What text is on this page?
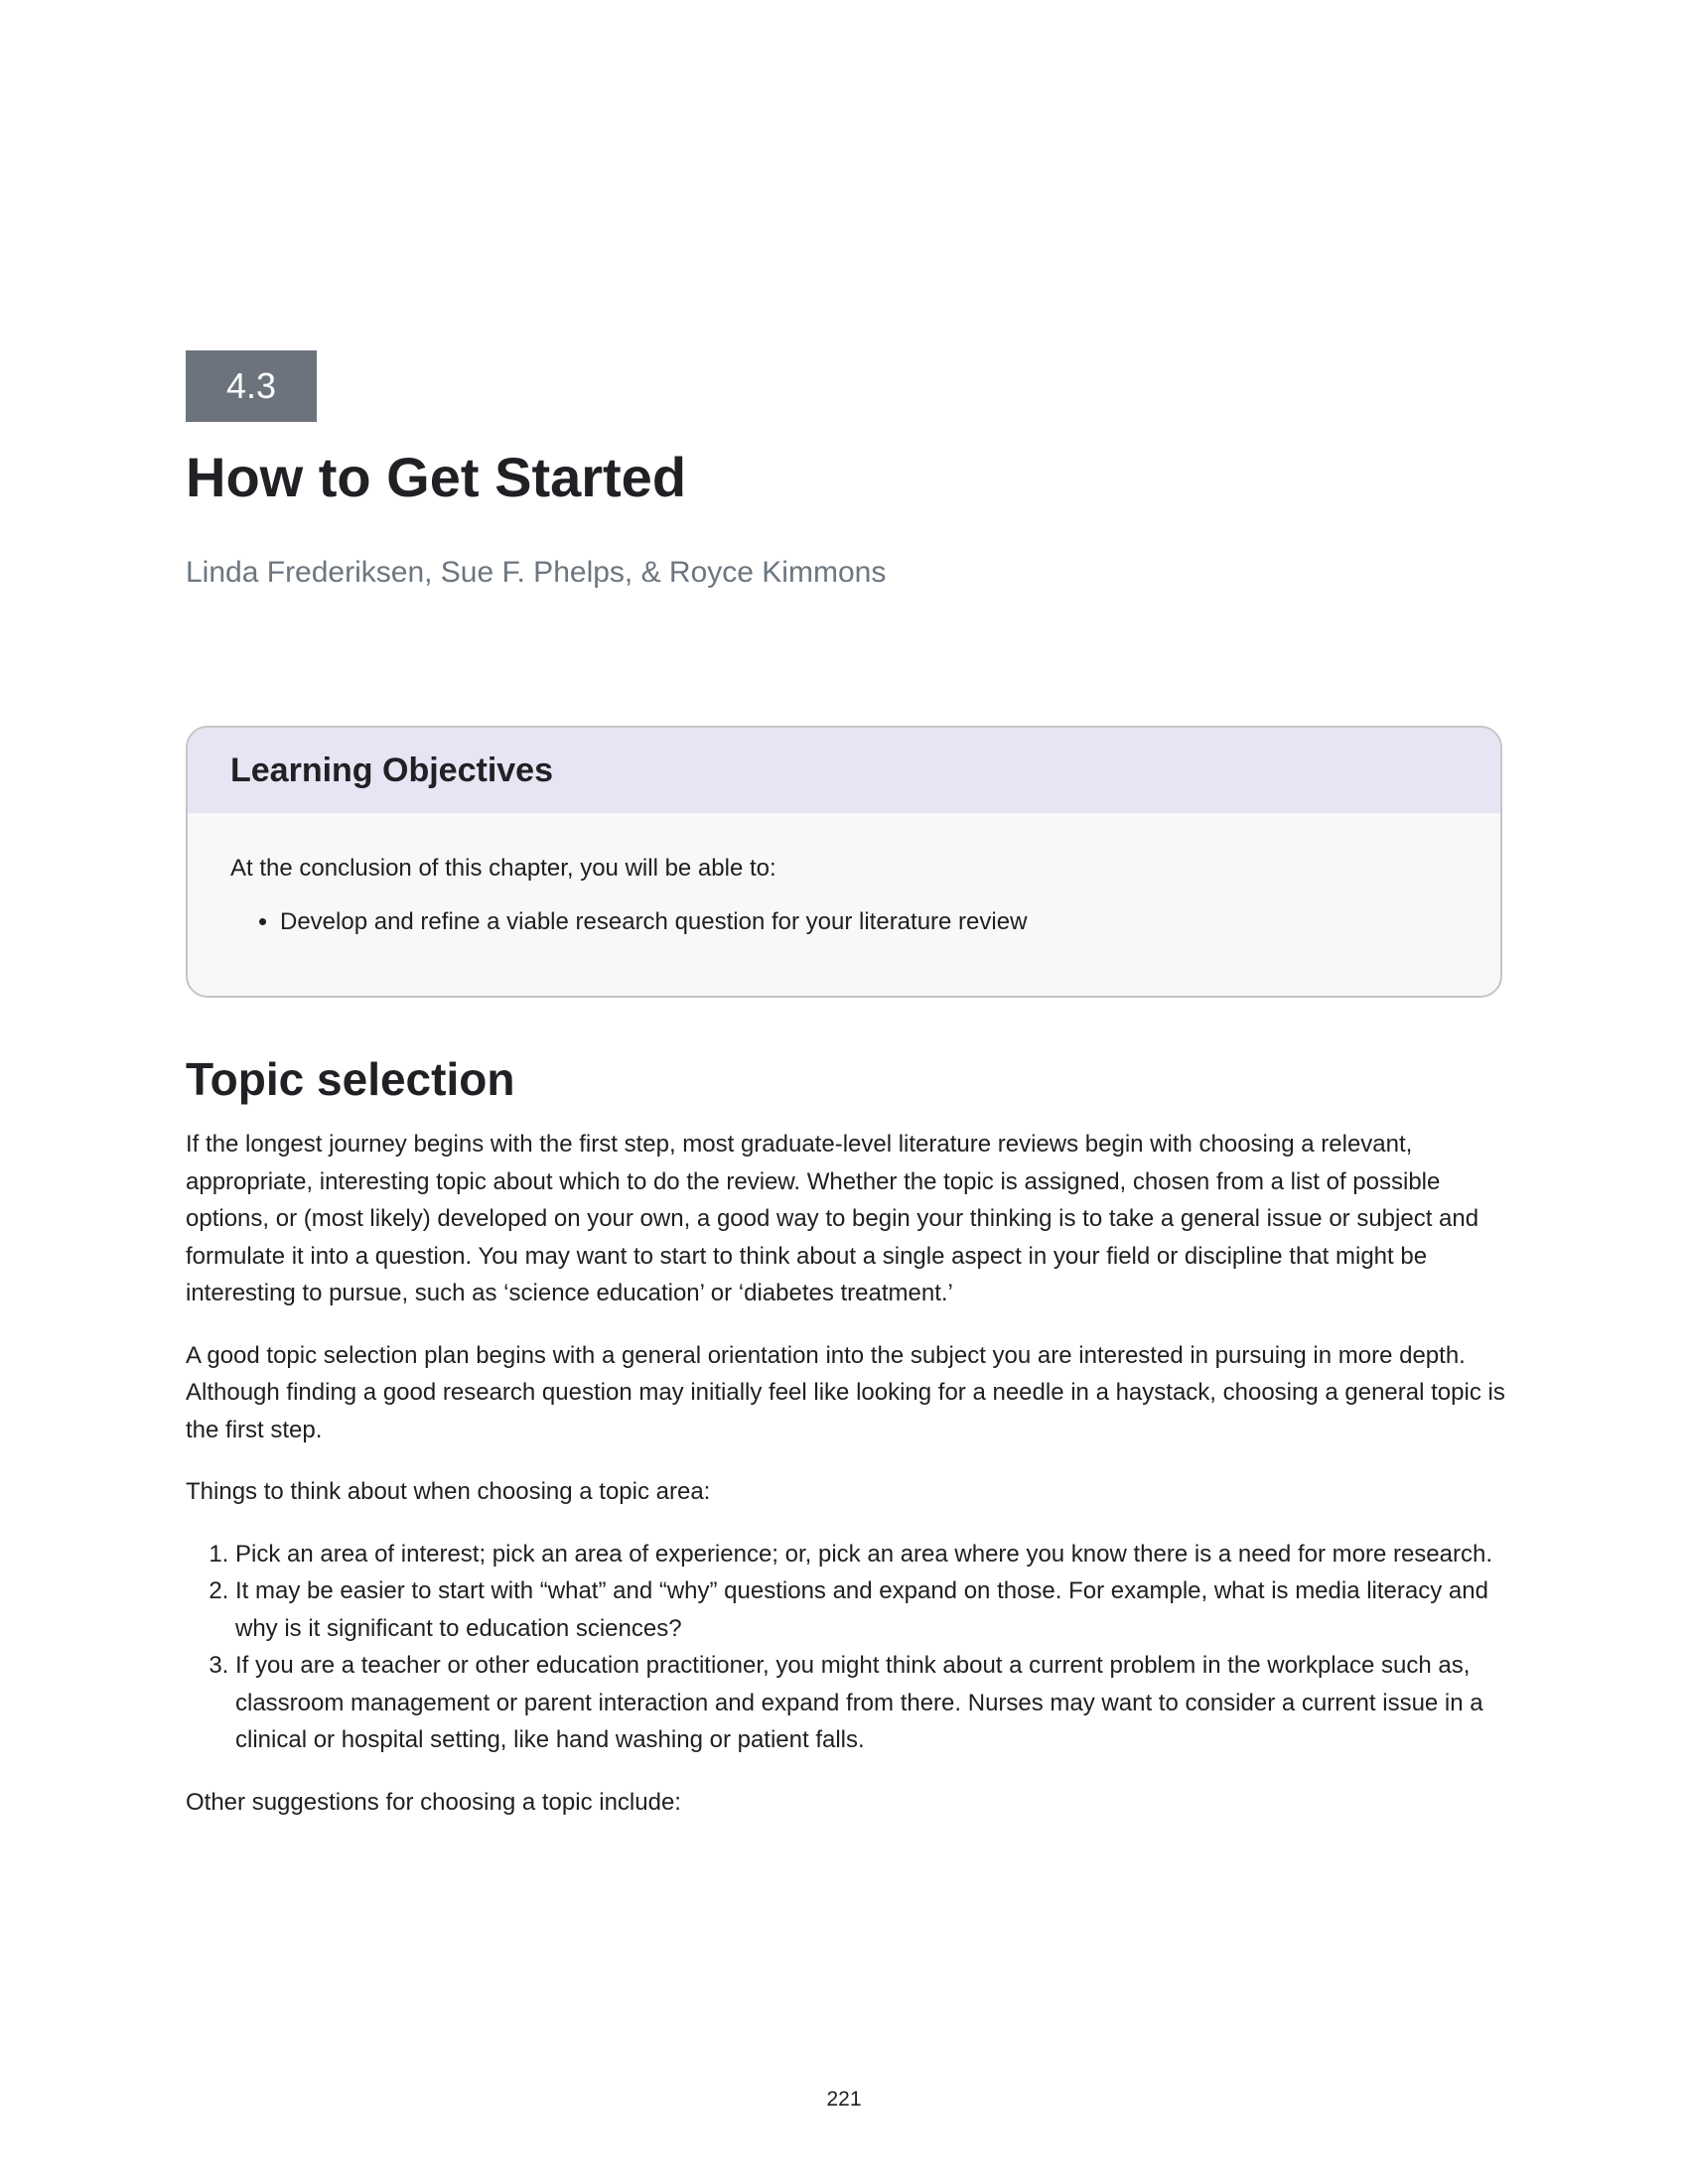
4.3
How to Get Started

Linda Frederiksen, Sue F. Phelps, & Royce Kimmons

Learning Objectives

At the conclusion of this chapter, you will be able to:

• Develop and refine a viable research question for your literature review
Topic selection

If the longest journey begins with the first step, most graduate-level literature reviews begin with choosing a relevant, appropriate, interesting topic about which to do the review. Whether the topic is assigned, chosen from a list of possible options, or (most likely) developed on your own, a good way to begin your thinking is to take a general issue or subject and formulate it into a question. You may want to start to think about a single aspect in your field or discipline that might be interesting to pursue, such as ‘science education’ or ‘diabetes treatment.’

A good topic selection plan begins with a general orientation into the subject you are interested in pursuing in more depth. Although finding a good research question may initially feel like looking for a needle in a haystack, choosing a general topic is the first step.

Things to think about when choosing a topic area:

1. Pick an area of interest; pick an area of experience; or, pick an area where you know there is a need for more research.
2. It may be easier to start with “what” and “why” questions and expand on those. For example, what is media literacy and why is it significant to education sciences?
3. If you are a teacher or other education practitioner, you might think about a current problem in the workplace such as, classroom management or parent interaction and expand from there. Nurses may want to consider a current issue in a clinical or hospital setting, like hand washing or patient falls.

Other suggestions for choosing a topic include:

221
